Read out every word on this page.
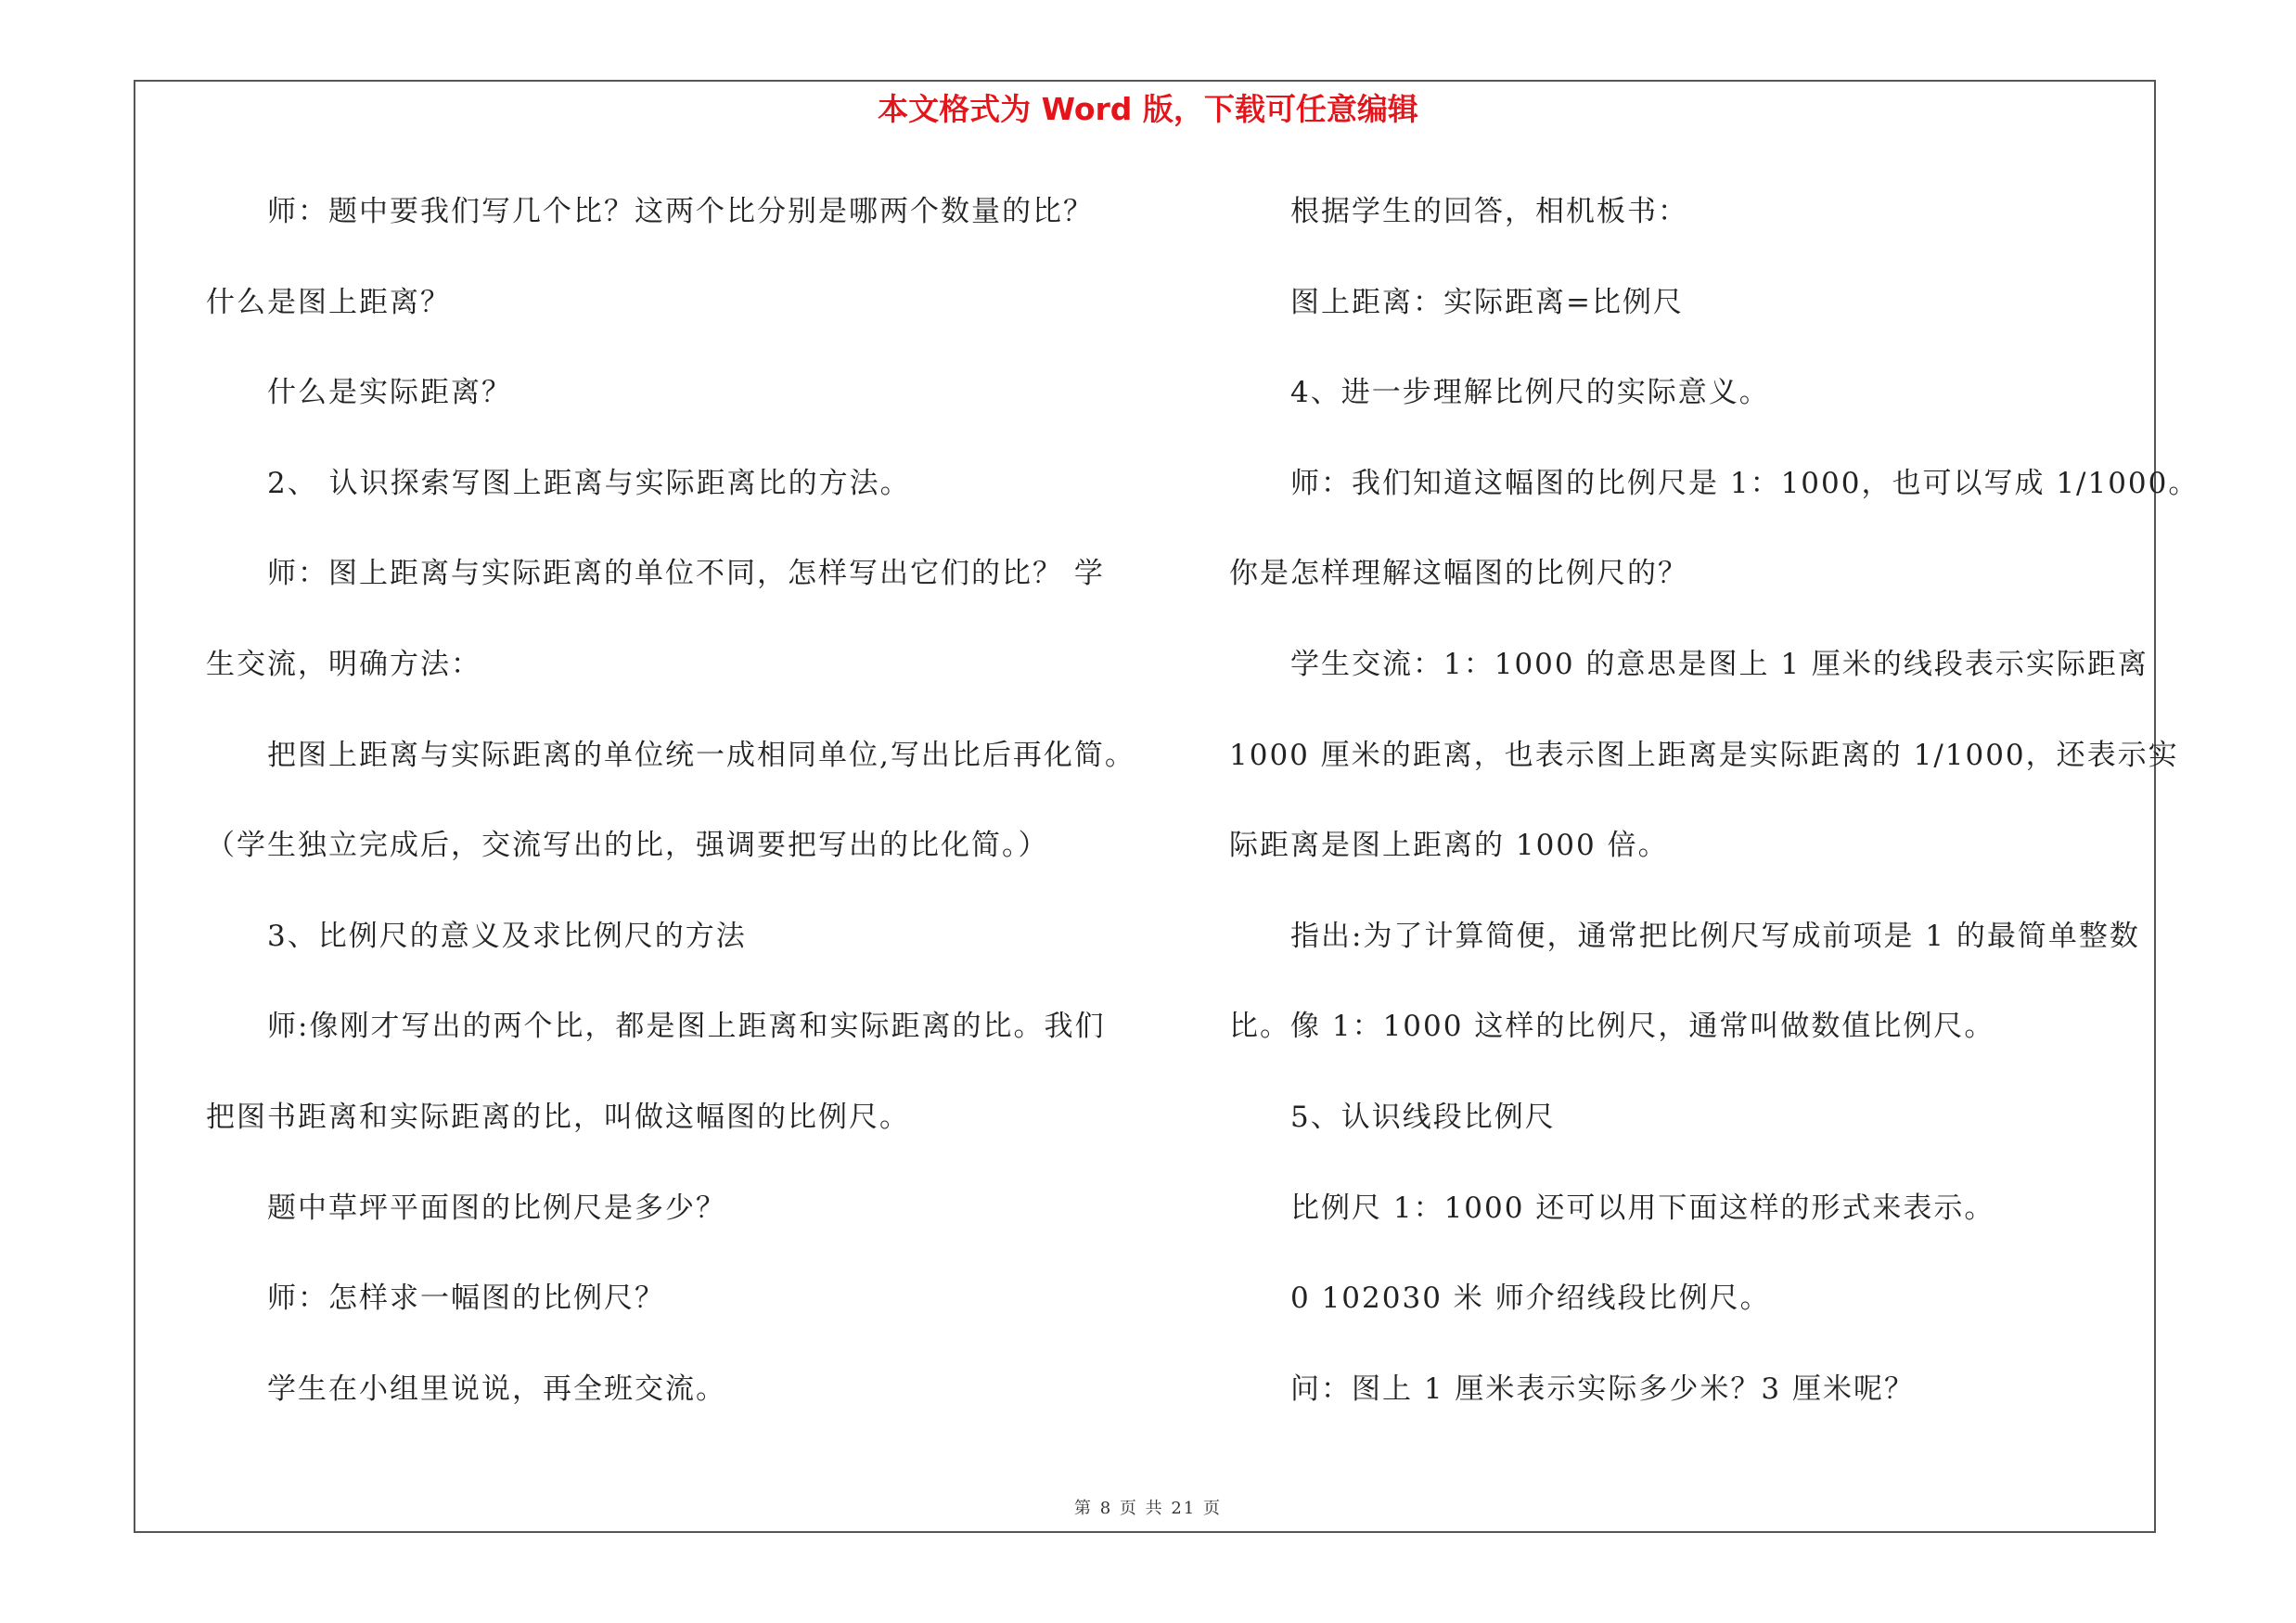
本文格式为 Word 版，下载可任意编辑
师：题中要我们写几个比？这两个比分别是哪两个数量的比？
什么是图上距离？
什么是实际距离？
2、 认识探索写图上距离与实际距离比的方法。
师：图上距离与实际距离的单位不同，怎样写出它们的比？ 学
生交流，明确方法：
把图上距离与实际距离的单位统一成相同单位,写出比后再化简。
（学生独立完成后，交流写出的比，强调要把写出的比化简。）
3、比例尺的意义及求比例尺的方法
师:像刚才写出的两个比，都是图上距离和实际距离的比。我们
把图书距离和实际距离的比，叫做这幅图的比例尺。
题中草坪平面图的比例尺是多少？
师：怎样求一幅图的比例尺？
学生在小组里说说，再全班交流。
根据学生的回答，相机板书：
图上距离：实际距离=比例尺
4、进一步理解比例尺的实际意义。
师：我们知道这幅图的比例尺是 1：1000，也可以写成 1/1000。
你是怎样理解这幅图的比例尺的？
学生交流：1：1000 的意思是图上 1 厘米的线段表示实际距离
1000 厘米的距离，也表示图上距离是实际距离的 1/1000，还表示实
际距离是图上距离的 1000 倍。
指出:为了计算简便，通常把比例尺写成前项是 1 的最简单整数
比。像 1：1000 这样的比例尺，通常叫做数值比例尺。
5、认识线段比例尺
比例尺 1：1000 还可以用下面这样的形式来表示。
0 102030 米 师介绍线段比例尺。
问：图上 1 厘米表示实际多少米？3 厘米呢？
第 8 页 共 21 页
